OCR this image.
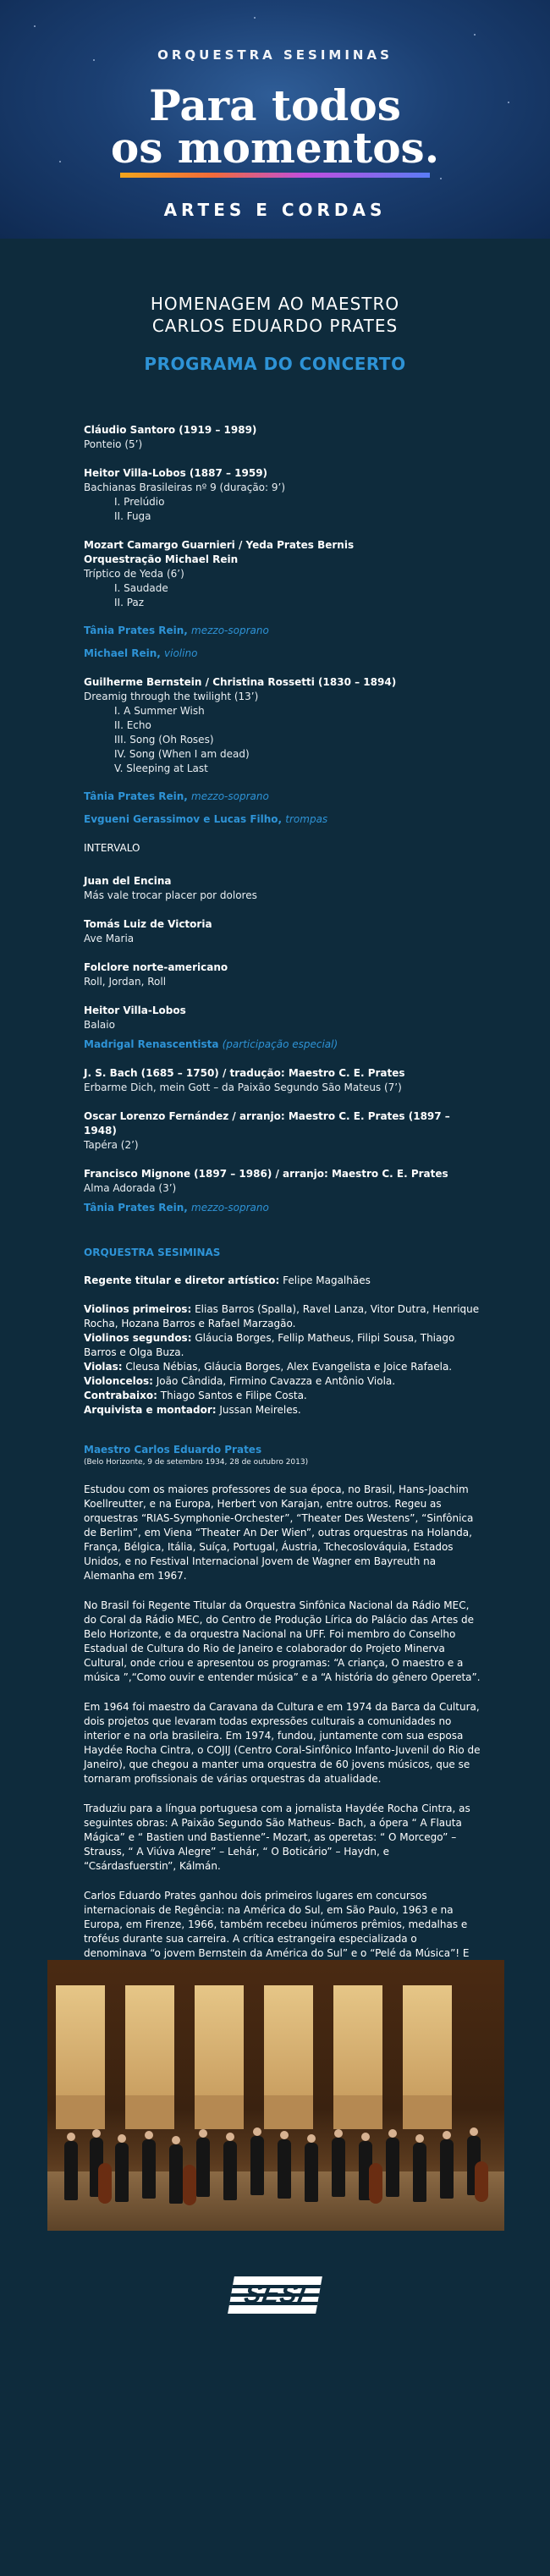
ORQUESTRA SESIMINAS
Para todos
os momentos.
ARTES E CORDAS
HOMENAGEM AO MAESTRO
CARLOS EDUARDO PRATES
PROGRAMA DO CONCERTO
Cláudio Santoro (1919 – 1989)
Ponteio (5’)
Heitor Villa-Lobos (1887 – 1959)
Bachianas Brasileiras nº 9 (duração: 9’)
I. Prelúdio
II. Fuga
Mozart Camargo Guarnieri / Yeda Prates Bernis
Orquestração Michael Rein
Tríptico de Yeda (6’)
I. Saudade
II. Paz
Tânia Prates Rein, mezzo-soprano
Michael Rein, violino
Guilherme Bernstein / Christina Rossetti (1830 – 1894)
Dreamig through the twilight (13’)
I. A Summer Wish
II. Echo
III. Song (Oh Roses)
IV. Song (When I am dead)
V. Sleeping at Last
Tânia Prates Rein, mezzo-soprano
Evgueni Gerassimov e Lucas Filho, trompas
INTERVALO
Juan del Encina
Más vale trocar placer por dolores
Tomás Luiz de Victoria
Ave Maria
Folclore norte-americano
Roll, Jordan, Roll
Heitor Villa-Lobos
Balaio
Madrigal Renascentista (participação especial)
J. S. Bach (1685 – 1750) / tradução: Maestro C. E. Prates
Erbarme Dich, mein Gott – da Paixão Segundo São Mateus (7’)
Oscar Lorenzo Fernández / arranjo: Maestro C. E. Prates (1897 – 1948)
Tapéra (2’)
Francisco Mignone (1897 – 1986) / arranjo: Maestro C. E. Prates
Alma Adorada (3’)
Tânia Prates Rein, mezzo-soprano
ORQUESTRA SESIMINAS

Regente titular e diretor artístico: Felipe Magalhães

Violinos primeiros: Elias Barros (Spalla), Ravel Lanza, Vitor Dutra, Henrique Rocha, Hozana Barros e Rafael Marzagão.

Violinos segundos: Gláucia Borges, Fellip Matheus, Filipi Sousa, Thiago Barros e Olga Buza.

Violas: Cleusa Nébias, Gláucia Borges, Alex Evangelista e Joice Rafaela.

Violoncelos: João Cândida, Firmino Cavazza e Antônio Viola.

Contrabaixo: Thiago Santos e Filipe Costa.

Arquivista e montador: Jussan Meireles.

Maestro Carlos Eduardo Prates
(Belo Horizonte, 9 de setembro 1934, 28 de outubro 2013)

Estudou com os maiores professores de sua época, no Brasil, Hans-Joachim Koellreutter, e na Europa, Herbert von Karajan, entre outros. Regeu as orquestras “RIAS-Symphonie-Orchester”, “Theater Des Westens”, “Sinfônica de Berlim”, em Viena “Theater An Der Wien”, outras orquestras na Holanda, França, Bélgica, Itália, Suíça, Portugal, Áustria, Tchecoslováquia, Estados Unidos, e no Festival Internacional Jovem de Wagner em Bayreuth na Alemanha em 1967.

No Brasil foi Regente Titular da Orquestra Sinfônica Nacional da Rádio MEC, do Coral da Rádio MEC, do Centro de Produção Lírica do Palácio das Artes de Belo Horizonte, e da orquestra Nacional na UFF. Foi membro do Conselho Estadual de Cultura do Rio de Janeiro e colaborador do Projeto Minerva Cultural, onde criou e apresentou os programas: “A criança, O maestro e a música ”,“Como ouvir e entender música” e a “A história do gênero Opereta”.

Em 1964 foi maestro da Caravana da Cultura e em 1974 da Barca da Cultura, dois projetos que levaram todas expressões culturais a comunidades no interior e na orla brasileira. Em 1974, fundou, juntamente com sua esposa Haydée Rocha Cintra, o COJIJ (Centro Coral-Sinfônico Infanto-Juvenil do Rio de Janeiro), que chegou a manter uma orquestra de 60 jovens músicos, que se tornaram profissionais de várias orquestras da atualidade.

Traduziu para a língua portuguesa com a jornalista Haydée Rocha Cintra, as seguintes obras: A Paixão Segundo São Matheus- Bach, a ópera “ A Flauta Mágica” e “ Bastien und Bastienne”- Mozart, as operetas: “ O Morcego” – Strauss, “ A Viúva Alegre” – Lehár, “ O Boticário” – Haydn, e “Csárdasfuerstin”, Kálmán.

Carlos Eduardo Prates ganhou dois primeiros lugares em concursos internacionais de Regência: na América do Sul, em São Paulo, 1963 e na Europa, em Firenze, 1966, também recebeu inúmeros prêmios, medalhas e troféus durante sua carreira. A crítica estrangeira especializada o denominava “o jovem Bernstein da América do Sul” e o “Pelé da Música”! E

SESI
